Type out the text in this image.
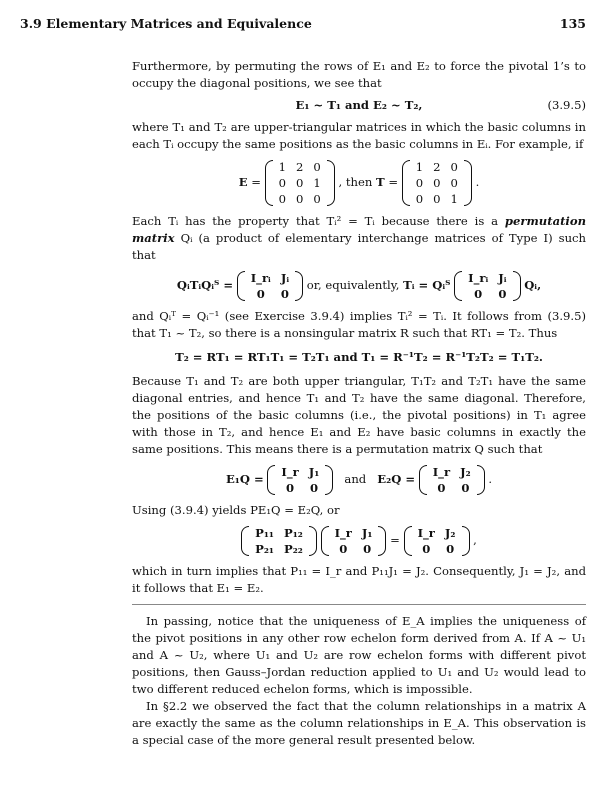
3.9 Elementary Matrices and Equivalence	135

Furthermore, by permuting the rows of E₁ and E₂ to force the pivotal 1’s to occupy the diagonal positions, we see that

E₁ ~ T₁ and E₂ ~ T₂,	(3.9.5)

where T₁ and T₂ are upper-triangular matrices in which the basic columns in each Tᵢ occupy the same positions as the basic columns in Eᵢ. For example, if

E =
1	2	0
0	0	1
0	0	0
, then T =
1	2	0
0	0	0
0	0	1
.

Each Tᵢ has the property that Tᵢ² = Tᵢ because there is a permutation matrix Qᵢ (a product of elementary interchange matrices of Type I) such that

QᵢTᵢQᵢᵀ = I_rᵢ	Jᵢ
0	0
or, equivalently, Tᵢ = Qᵢᵀ I_rᵢ	Jᵢ
0	0
Qᵢ,

and Qᵢᵀ = Qᵢ⁻¹ (see Exercise 3.9.4) implies Tᵢ² = Tᵢ. It follows from (3.9.5) that T₁ ~ T₂, so there is a nonsingular matrix R such that RT₁ = T₂. Thus

T₂ = RT₁ = RT₁T₁ = T₂T₁ and T₁ = R⁻¹T₂ = R⁻¹T₂T₂ = T₁T₂.

Because T₁ and T₂ are both upper triangular, T₁T₂ and T₂T₁ have the same diagonal entries, and hence T₁ and T₂ have the same diagonal. Therefore, the positions of the basic columns (i.e., the pivotal positions) in T₁ agree with those in T₂, and hence E₁ and E₂ have basic columns in exactly the same positions. This means there is a permutation matrix Q such that

E₁Q = I_r	J₁
0	0
and E₂Q = I_r	J₂
0	0
.

Using (3.9.4) yields PE₁Q = E₂Q, or

P₁₁	P₁₂
P₂₁	P₂₂

I_r	J₁
0	0
= I_r	J₂
0	0
,

which in turn implies that P₁₁ = I_r and P₁₁J₁ = J₂. Consequently, J₁ = J₂, and it follows that E₁ = E₂.

In passing, notice that the uniqueness of E_A implies the uniqueness of the pivot positions in any other row echelon form derived from A. If A ~ U₁ and A ~ U₂, where U₁ and U₂ are row echelon forms with different pivot positions, then Gauss–Jordan reduction applied to U₁ and U₂ would lead to two different reduced echelon forms, which is impossible.

In §2.2 we observed the fact that the column relationships in a matrix A are exactly the same as the column relationships in E_A. This observation is a special case of the more general result presented below.
